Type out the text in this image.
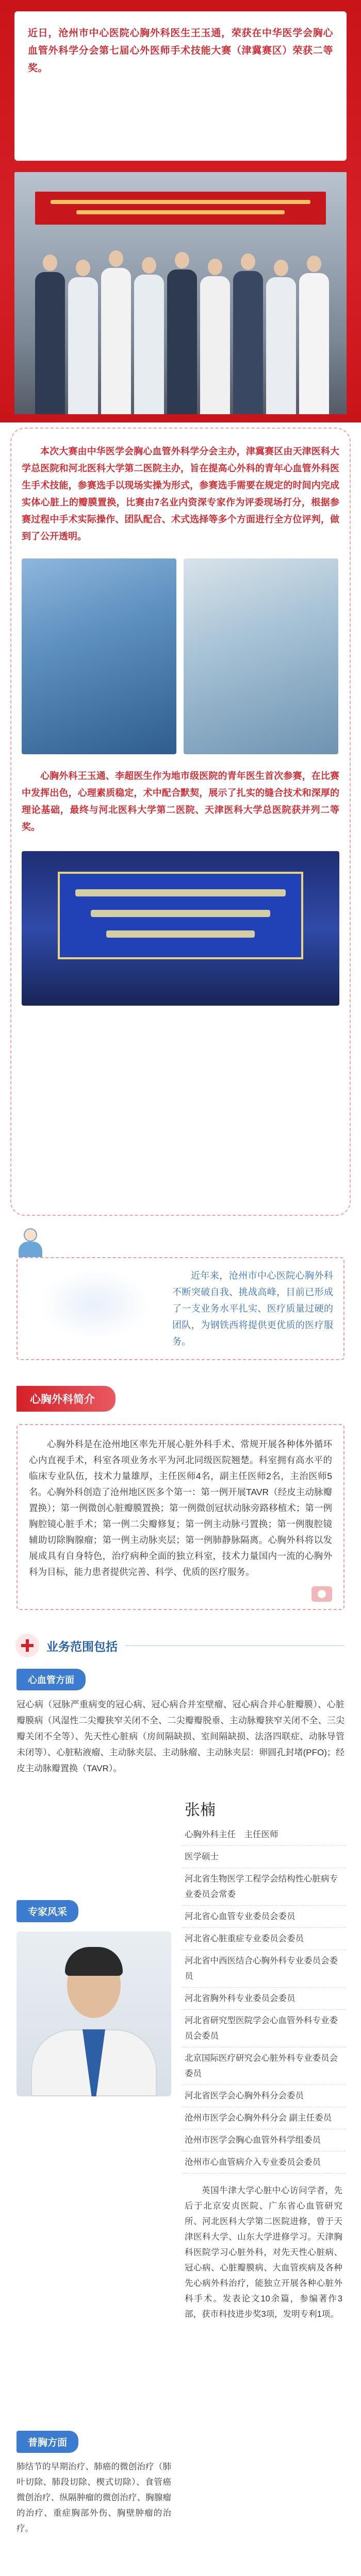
近日，沧州市中心医院心胸外科医生王玉通，荣获在中华医学会胸心血管外科学分会第七届心外医师手术技能大赛（津冀赛区）荣获二等奖。

本次大赛由中华医学会胸心血管外科学分会主办，津冀赛区由天津医科大学总医院和河北医科大学第二医院主办，旨在提高心外科的青年心血管外科医生手术技能，参赛选手以现场实操为形式，参赛选手需要在规定的时间内完成实体心脏上的瓣膜置换，比赛由7名业内资深专家作为评委现场打分，根据参赛过程中手术实际操作、团队配合、术式选择等多个方面进行全方位评判，做到了公开透明。

心胸外科王玉通、李超医生作为地市级医院的青年医生首次参赛，在比赛中发挥出色，心理素质稳定，术中配合默契，展示了扎实的缝合技术和深厚的理论基础，最终与河北医科大学第二医院、天津医科大学总医院获并列二等奖。

近年来，沧州市中心医院心胸外科不断突破自我、挑战高峰，目前已形成了一支业务水平扎实、医疗质量过硬的团队，为钢铁西将提供更优质的医疗服务。

心胸外科简介

心胸外科是在沧州地区率先开展心脏外科手术、常规开展各种体外循环心内直视手术，科室各项业务水平为河北同级医院翘楚。科室拥有高水平的临床专业队伍，技术力量雄厚，主任医师4名，副主任医师2名，主治医师5名。心胸外科创造了沧州地区医多个第一：第一例开展TAVR（经皮主动脉瓣置换）；第一例微创心脏瓣膜置换；第一例微创冠状动脉旁路移植术；第一例胸腔镜心脏手术；第一例二尖瓣修复；第一例主动脉弓置换；第一例腹腔镜辅助切除胸腺瘤；第一例主动脉夹层；第一例肺静脉隔离。心胸外科将以发展成具有自身特色，治疗病种全面的独立科室，技术力量国内一流的心胸外科为目标，能力患者提供完善、科学、优质的医疗服务。

业务范围包括
心血管方面

冠心病（冠脉严重病变的冠心病、冠心病合并室壁瘤、冠心病合并心脏瓣膜）、心脏瓣膜病（风湿性二尖瓣狭窄关闭不全、二尖瓣瓣脱垂、主动脉瓣狭窄关闭不全、三尖瓣关闭不全等）、先天性心脏病（房间隔缺损、室间隔缺损、法洛四联症、动脉导管未闭等）、心脏粘液瘤、主动脉夹层、主动脉瘤、主动脉夹层：卵圆孔封堵(PFO)；经皮主动脉瓣置换（TAVR）。

专家风采
张楠
心胸外科主任　主任医师
医学硕士
河北省生物医学工程学会结构性心脏病专业委员会常委
河北省心血管专业委员会委员
河北省心脏重症专业委员会委员
河北省中西医结合心胸外科专业委员会委员
河北省胸外科专业委员会委员
河北省研究型医院学会心血管外科专业委员会委员
北京国际医疗研究会心脏外科专业委员会委员
河北省医学会心胸外科分会委员
沧州市医学会心胸外科分会 副主任委员
沧州市医学会胸心血管外科学组委员
沧州市心血管病介入专业委员会委员

英国牛津大学心脏中心访问学者，先后于北京安贞医院、广东省心血管研究所、河北医科大学第二医院进修，曾于天津医科大学、山东大学进修学习。天津胸科医院学习心脏外科，对先天性心脏病、冠心病、心脏瓣膜病、大血管疾病及各种先心病外科治疗，能独立开展各种心脏外科手术。发表论文10余篇，参编著作3部，获市科技进步奖3项，发明专利1项。

普胸方面

肺结节的早期治疗、肺癌的微创治疗（肺叶切除、肺段切除、楔式切除）、食管癌微创治疗、纵隔肿瘤的微创治疗、胸腺瘤的治疗、重症胸部外伤、胸壁肿瘤的治疗。
